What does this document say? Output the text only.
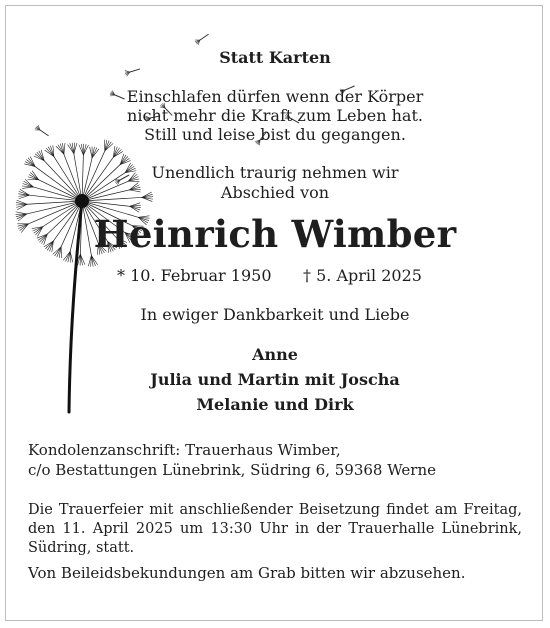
Statt Karten
Einschlafen dürfen wenn der Körper
nicht mehr die Kraft zum Leben hat.
Still und leise bist du gegangen.
Unendlich traurig nehmen wir
Abschied von
Heinrich Wimber
* 10. Februar 1950 † 5. April 2025
In ewiger Dankbarkeit und Liebe
Anne
Julia und Martin mit Joscha
Melanie und Dirk
Kondolenzanschrift: Trauerhaus Wimber,
c/o Bestattungen Lünebrink, Südring 6, 59368 Werne
Die Trauerfeier mit anschließender Beisetzung findet am Freitag, den 11. April 2025 um 13:30 Uhr in der Trauerhalle Lünebrink, Südring, statt.
Von Beileidsbekundungen am Grab bitten wir abzusehen.
